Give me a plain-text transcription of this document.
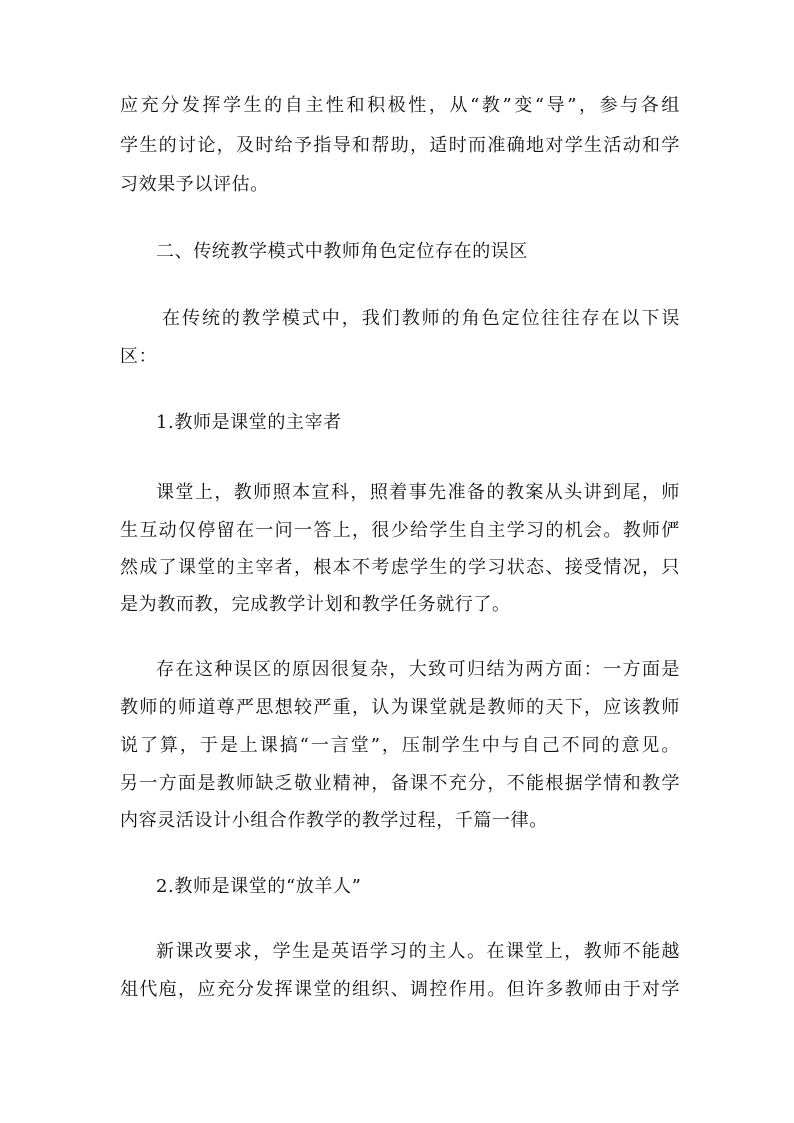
应充分发挥学生的自主性和积极性，从“教”变“导”，参与各组
学生的讨论，及时给予指导和帮助，适时而准确地对学生活动和学
习效果予以评估。
二、传统教学模式中教师角色定位存在的误区
在传统的教学模式中，我们教师的角色定位往往存在以下误
区：
1.教师是课堂的主宰者
课堂上，教师照本宣科，照着事先准备的教案从头讲到尾，师
生互动仅停留在一问一答上，很少给学生自主学习的机会。教师俨
然成了课堂的主宰者，根本不考虑学生的学习状态、接受情况，只
是为教而教，完成教学计划和教学任务就行了。
存在这种误区的原因很复杂，大致可归结为两方面：一方面是
教师的师道尊严思想较严重，认为课堂就是教师的天下，应该教师
说了算，于是上课搞“一言堂”，压制学生中与自己不同的意见。
另一方面是教师缺乏敬业精神，备课不充分，不能根据学情和教学
内容灵活设计小组合作教学的教学过程，千篇一律。
2.教师是课堂的“放羊人”
新课改要求，学生是英语学习的主人。在课堂上，教师不能越
俎代庖，应充分发挥课堂的组织、调控作用。但许多教师由于对学
